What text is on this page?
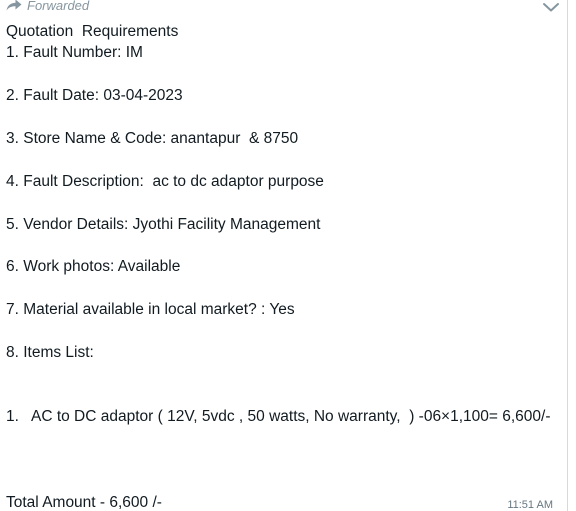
Forwarded
Quotation  Requirements
1. Fault Number: IM
2. Fault Date: 03-04-2023
3. Store Name & Code: anantapur  & 8750
4. Fault Description:  ac to dc adaptor purpose
5. Vendor Details: Jyothi Facility Management
6. Work photos: Available
7. Material available in local market? : Yes
8. Items List:
1.   AC to DC adaptor ( 12V, 5vdc , 50 watts, No warranty,  ) -06×1,100= 6,600/-
Total Amount - 6,600 /-	11:51 AM
